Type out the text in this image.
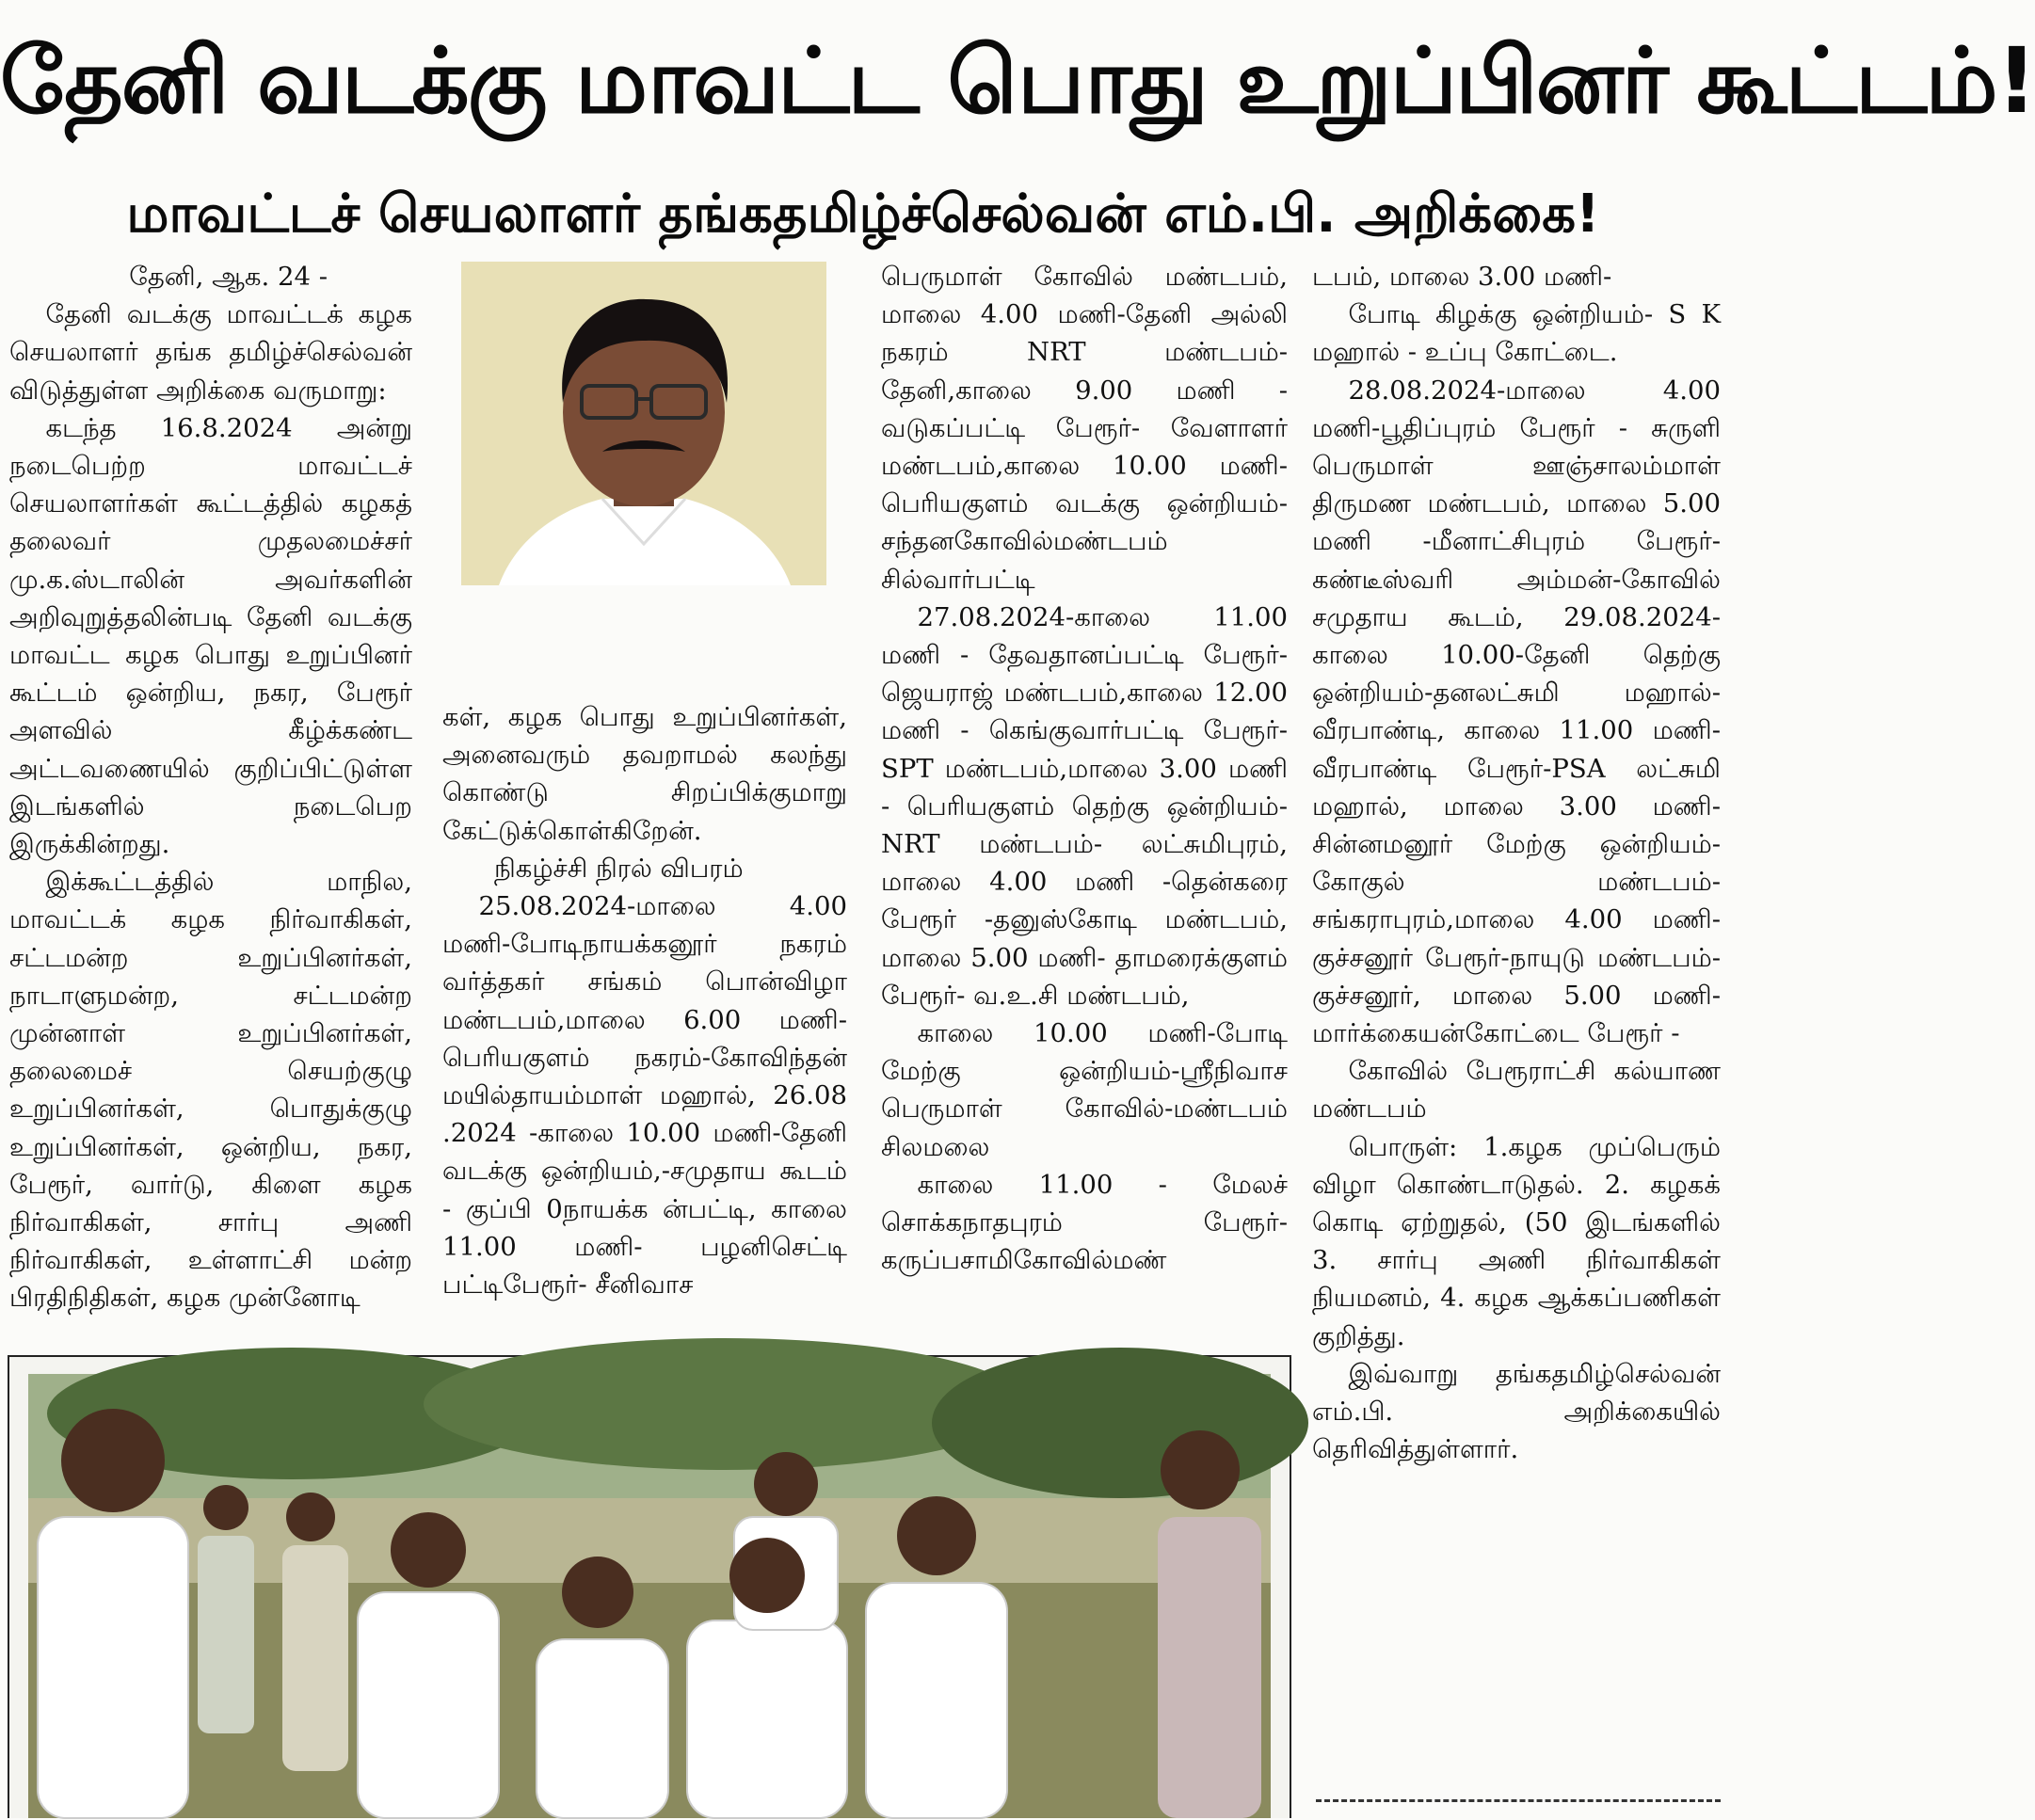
தேனி வடக்கு மாவட்ட பொது உறுப்பினர் கூட்டம்!
மாவட்டச் செயலாளர் தங்கதமிழ்ச்செல்வன் எம்.பி. அறிக்கை!

தேனி, ஆக. 24 -

தேனி வடக்கு மாவட்டக் கழக செயலாளர் தங்க தமிழ்ச்செல்வன் விடுத்துள்ள அறிக்கை வருமாறு:

கடந்த 16.8.2024 அன்று நடைபெற்ற மாவட்டச் செயலாளர்கள் கூட்டத்தில் கழகத் தலைவர் முதலமைச்சர் மு.க.ஸ்டாலின் அவர்களின் அறிவுறுத்தலின்படி தேனி வடக்கு மாவட்ட கழக பொது உறுப்பினர் கூட்டம் ஒன்றிய, நகர, பேரூர் அளவில் கீழ்க்கண்ட அட்டவணையில் குறிப்பிட்டுள்ள இடங்களில் நடைபெற இருக்கின்றது.

இக்கூட்டத்தில் மாநில, மாவட்டக் கழக நிர்வாகிகள், சட்டமன்ற உறுப்பினர்கள், நாடாளுமன்ற, சட்டமன்ற முன்னாள் உறுப்பினர்கள், தலைமைச் செயற்குழு உறுப்பினர்கள், பொதுக்குழு உறுப்பினர்கள், ஒன்றிய, நகர, பேரூர், வார்டு, கிளை கழக நிர்வாகிகள், சார்பு அணி நிர்வாகிகள், உள்ளாட்சி மன்ற பிரதிநிதிகள், கழக முன்னோடி

கள், கழக பொது உறுப்பினர்கள், அனைவரும் தவறாமல் கலந்து கொண்டு சிறப்பிக்குமாறு கேட்டுக்கொள்கிறேன்.

நிகழ்ச்சி நிரல் விபரம்

25.08.2024-மாலை 4.00 மணி-போடிநாயக்கனூர் நகரம் வர்த்தகர் சங்கம் பொன்விழா மண்டபம்,மாலை 6.00 மணி-பெரியகுளம் நகரம்-கோவிந்தன் மயில்தாயம்மாள் மஹால், 26.08 .2024 -காலை 10.00 மணி-தேனி வடக்கு ஒன்றியம்,-சமுதாய கூடம் - குப்பி 0நாயக்க ன்பட்டி, காலை 11.00 மணி- பழனிசெட்டி பட்டிபேரூர்- சீனிவாச

பெருமாள் கோவில் மண்டபம், மாலை 4.00 மணி-தேனி அல்லி நகரம் NRT மண்டபம்- தேனி,காலை 9.00 மணி - வடுகப்பட்டி பேரூர்- வேளாளர் மண்டபம்,காலை 10.00 மணி-பெரியகுளம் வடக்கு ஒன்றியம்- சந்தனகோவில்மண்டபம் சில்வார்பட்டி

27.08.2024-காலை 11.00 மணி - தேவதானப்பட்டி பேரூர்-ஜெயராஜ் மண்டபம்,காலை 12.00 மணி - கெங்குவார்பட்டி பேரூர்-SPT மண்டபம்,மாலை 3.00 மணி - பெரியகுளம் தெற்கு ஒன்றியம்-NRT மண்டபம்- லட்சுமிபுரம், மாலை 4.00 மணி -தென்கரை பேரூர் -தனுஸ்கோடி மண்டபம், மாலை 5.00 மணி- தாமரைக்குளம் பேரூர்- வ.உ.சி மண்டபம்,

காலை 10.00 மணி-போடி மேற்கு ஒன்றியம்-ஸ்ரீநிவாச பெருமாள் கோவில்-மண்டபம் சிலமலை

காலை 11.00 - மேலச் சொக்கநாதபுரம் பேரூர்-கருப்பசாமிகோவில்மண்

டபம், மாலை 3.00 மணி-

போடி கிழக்கு ஒன்றியம்- S K மஹால் - உப்பு கோட்டை.

28.08.2024-மாலை 4.00 மணி-பூதிப்புரம் பேரூர் - சுருளி பெருமாள் ஊஞ்சாலம்மாள் திருமண மண்டபம், மாலை 5.00 மணி -மீனாட்சிபுரம் பேரூர்-கண்டீஸ்வரி அம்மன்-கோவில் சமுதாய கூடம், 29.08.2024-காலை 10.00-தேனி தெற்கு ஒன்றியம்-தனலட்சுமி மஹால்-வீரபாண்டி, காலை 11.00 மணி- வீரபாண்டி பேரூர்-PSA லட்சுமி மஹால், மாலை 3.00 மணி- சின்னமனூர் மேற்கு ஒன்றியம்-கோகுல் மண்டபம்-சங்கராபுரம்,மாலை 4.00 மணி-குச்சனூர் பேரூர்-நாயுடு மண்டபம்-குச்சனூர், மாலை 5.00 மணி-மார்க்கையன்கோட்டை பேரூர் -

கோவில் பேரூராட்சி கல்யாண மண்டபம்

பொருள்: 1.கழக முப்பெரும் விழா கொண்டாடுதல். 2. கழகக் கொடி ஏற்றுதல், (50 இடங்களில் 3. சார்பு அணி நிர்வாகிகள் நியமனம், 4. கழக ஆக்கப்பணிகள் குறித்து.

இவ்வாறு தங்கதமிழ்செல்வன் எம்.பி. அறிக்கையில் தெரிவித்துள்ளார்.
